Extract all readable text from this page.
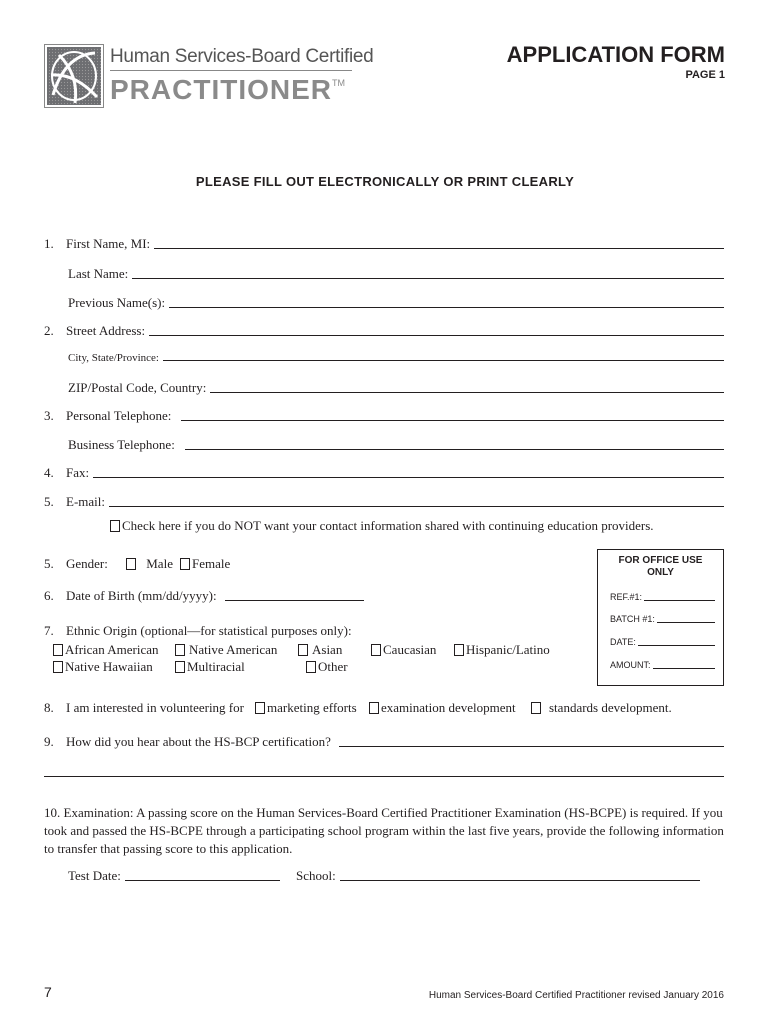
Human Services-Board Certified
PRACTITIONER™
APPLICATION FORM
PAGE 1
PLEASE FILL OUT ELECTRONICALLY OR PRINT CLEARLY
1. First Name, MI:
Last Name:
Previous Name(s):
2. Street Address:
City, State/Province:
ZIP/Postal Code, Country:
3. Personal Telephone:
Business Telephone:
4. Fax:
5. E-mail:
Check here if you do NOT want your contact information shared with continuing education providers.
5. Gender:	Male	Female
6. Date of Birth (mm/dd/yyyy):
7. Ethnic Origin (optional—for statistical purposes only):
African American	Native American	Asian	Caucasian	Hispanic/Latino
Native Hawaiian	Multiracial	Other
FOR OFFICE USE
ONLY
REF.#1:
BATCH #1:
DATE:
AMOUNT:
8. I am interested in volunteering for	marketing efforts	examination development	standards development.
9. How did you hear about the HS-BCP certification?
10. Examination: A passing score on the Human Services-Board Certified Practitioner Examination (HS-BCPE) is required. If you took and passed the HS-BCPE through a participating school program within the last five years, provide the following information to transfer that passing score to this application.
Test Date:	School:
7	Human Services-Board Certified Practitioner revised January 2016
